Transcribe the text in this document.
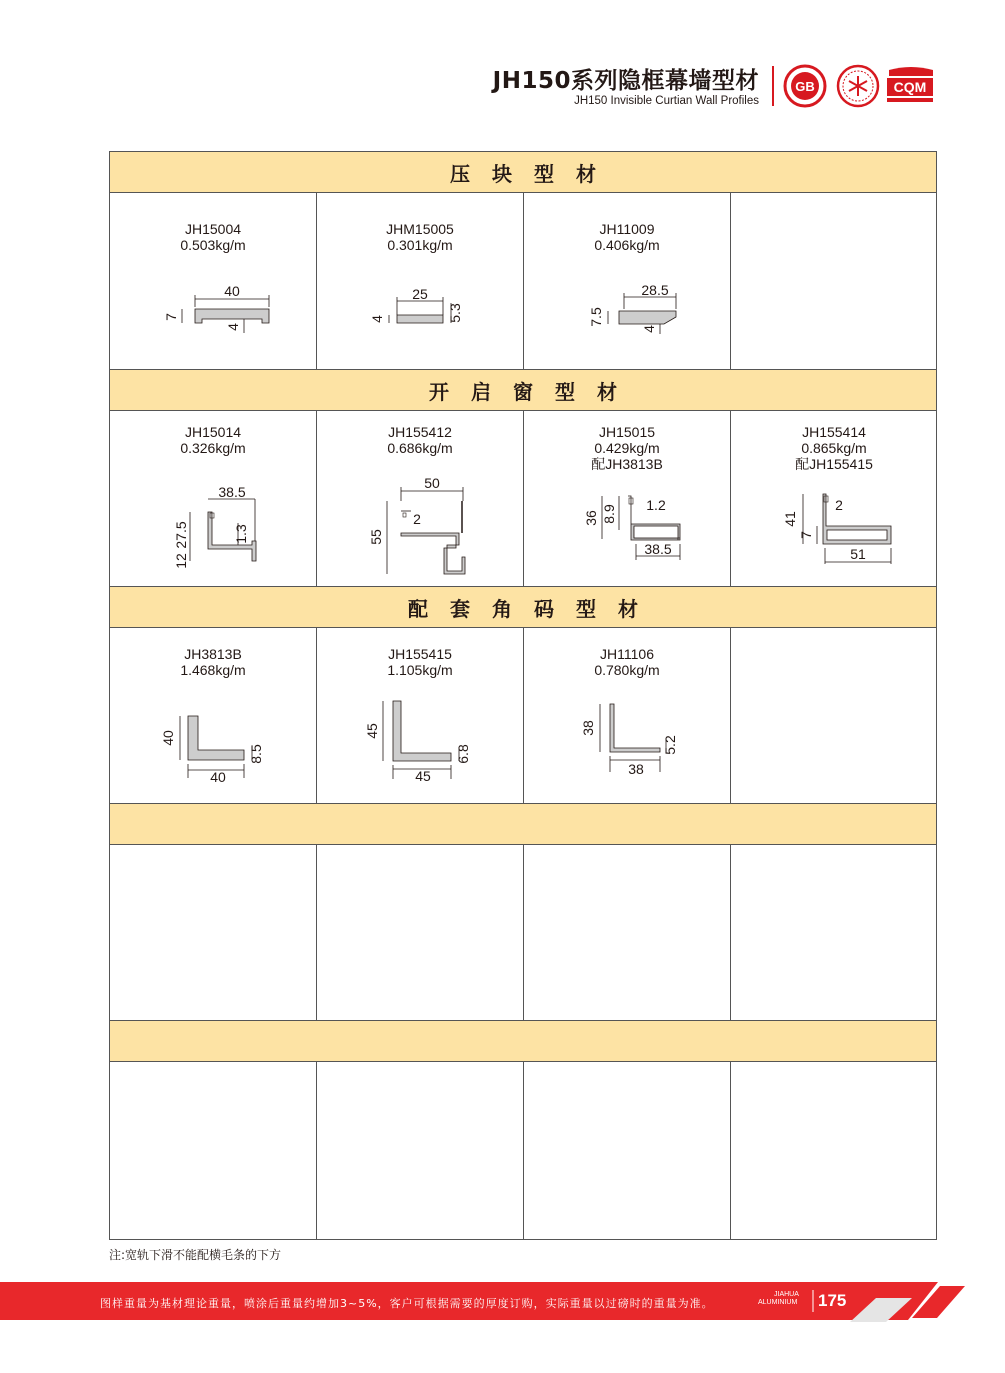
JH150系列隐框幕墙型材
JH150 Invisible Curtian Wall Profiles
GB	CQM
压块型材
开启窗型材
配套角码型材
JH15004
0.503kg/m
40
7
4
JHM15005
0.301kg/m
25
5.3
4
JH11009
0.406kg/m
28.5
7.5
4
JH15014
0.326kg/m
38.5
27.5
12
1.3
JH155412
0.686kg/m
50
55
2
JH15015
0.429kg/m
配JH3813B
36 8.9 1.2
38.5
JH155414
0.865kg/m
配JH155415
41
2
7
51
JH3813B
1.468kg/m
40
8.5
40
JH155415
1.105kg/m
45
6.8
45
JH11106
0.780kg/m
38
5.2
38
注:宽轨下滑不能配横毛条的下方
图样重量为基材理论重量，喷涂后重量约增加3~5%，客户可根据需要的厚度订购，实际重量以过磅时的重量为准。
JIAHUA
ALUMINIUM 175
